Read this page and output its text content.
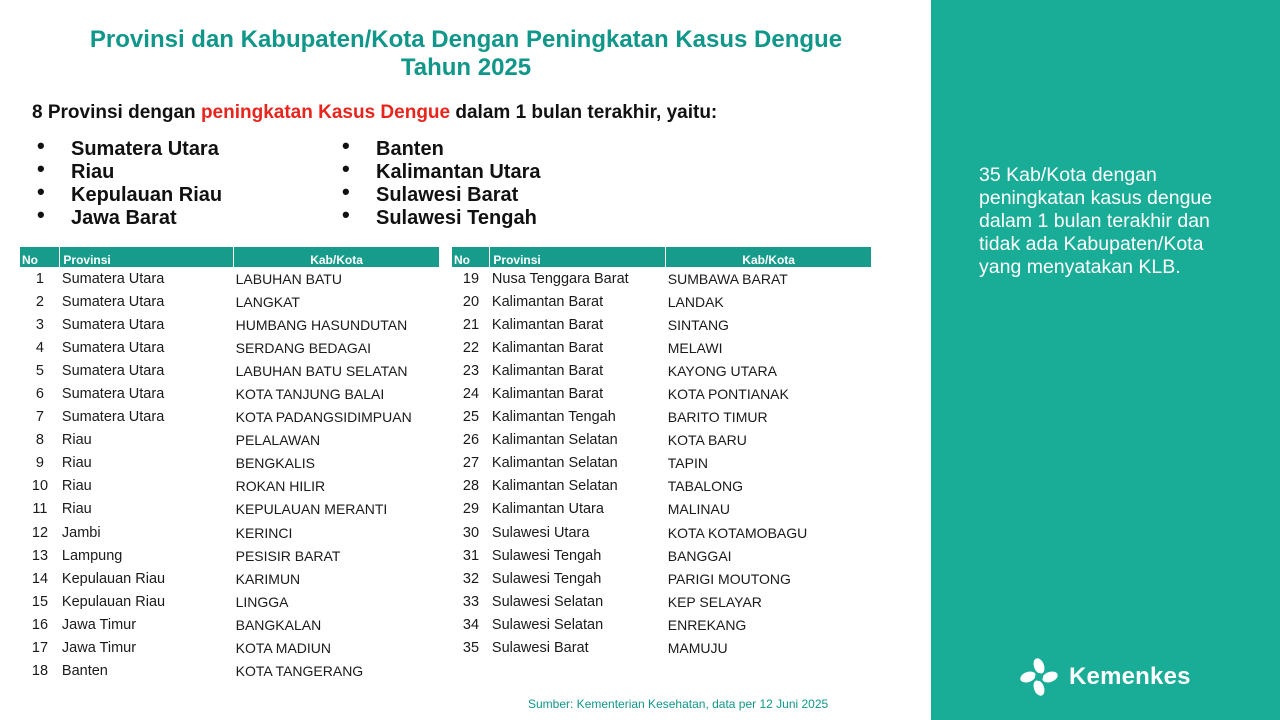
Provinsi dan Kabupaten/Kota Dengan Peningkatan Kasus Dengue
Tahun 2025
8 Provinsi dengan peningkatan Kasus Dengue dalam 1 bulan terakhir, yaitu:
• Sumatera Utara
• Riau
• Kepulauan Riau
• Jawa Barat
• Banten
• Kalimantan Utara
• Sulawesi Barat
• Sulawesi Tengah
No	Provinsi	Kab/Kota
1	Sumatera Utara	LABUHAN BATU
2	Sumatera Utara	LANGKAT
3	Sumatera Utara	HUMBANG HASUNDUTAN
4	Sumatera Utara	SERDANG BEDAGAI
5	Sumatera Utara	LABUHAN BATU SELATAN
6	Sumatera Utara	KOTA TANJUNG BALAI
7	Sumatera Utara	KOTA PADANGSIDIMPUAN
8	Riau	PELALAWAN
9	Riau	BENGKALIS
10	Riau	ROKAN HILIR
11	Riau	KEPULAUAN MERANTI
12	Jambi	KERINCI
13	Lampung	PESISIR BARAT
14	Kepulauan Riau	KARIMUN
15	Kepulauan Riau	LINGGA
16	Jawa Timur	BANGKALAN
17	Jawa Timur	KOTA MADIUN
18	Banten	KOTA TANGERANG
No	Provinsi	Kab/Kota
19	Nusa Tenggara Barat	SUMBAWA BARAT
20	Kalimantan Barat	LANDAK
21	Kalimantan Barat	SINTANG
22	Kalimantan Barat	MELAWI
23	Kalimantan Barat	KAYONG UTARA
24	Kalimantan Barat	KOTA PONTIANAK
25	Kalimantan Tengah	BARITO TIMUR
26	Kalimantan Selatan	KOTA BARU
27	Kalimantan Selatan	TAPIN
28	Kalimantan Selatan	TABALONG
29	Kalimantan Utara	MALINAU
30	Sulawesi Utara	KOTA KOTAMOBAGU
31	Sulawesi Tengah	BANGGAI
32	Sulawesi Tengah	PARIGI MOUTONG
33	Sulawesi Selatan	KEP SELAYAR
34	Sulawesi Selatan	ENREKANG
35	Sulawesi Barat	MAMUJU
Sumber: Kementerian Kesehatan, data per 12 Juni 2025
35 Kab/Kota dengan peningkatan kasus dengue dalam 1 bulan terakhir dan tidak ada Kabupaten/Kota yang menyatakan KLB.
Kemenkes
